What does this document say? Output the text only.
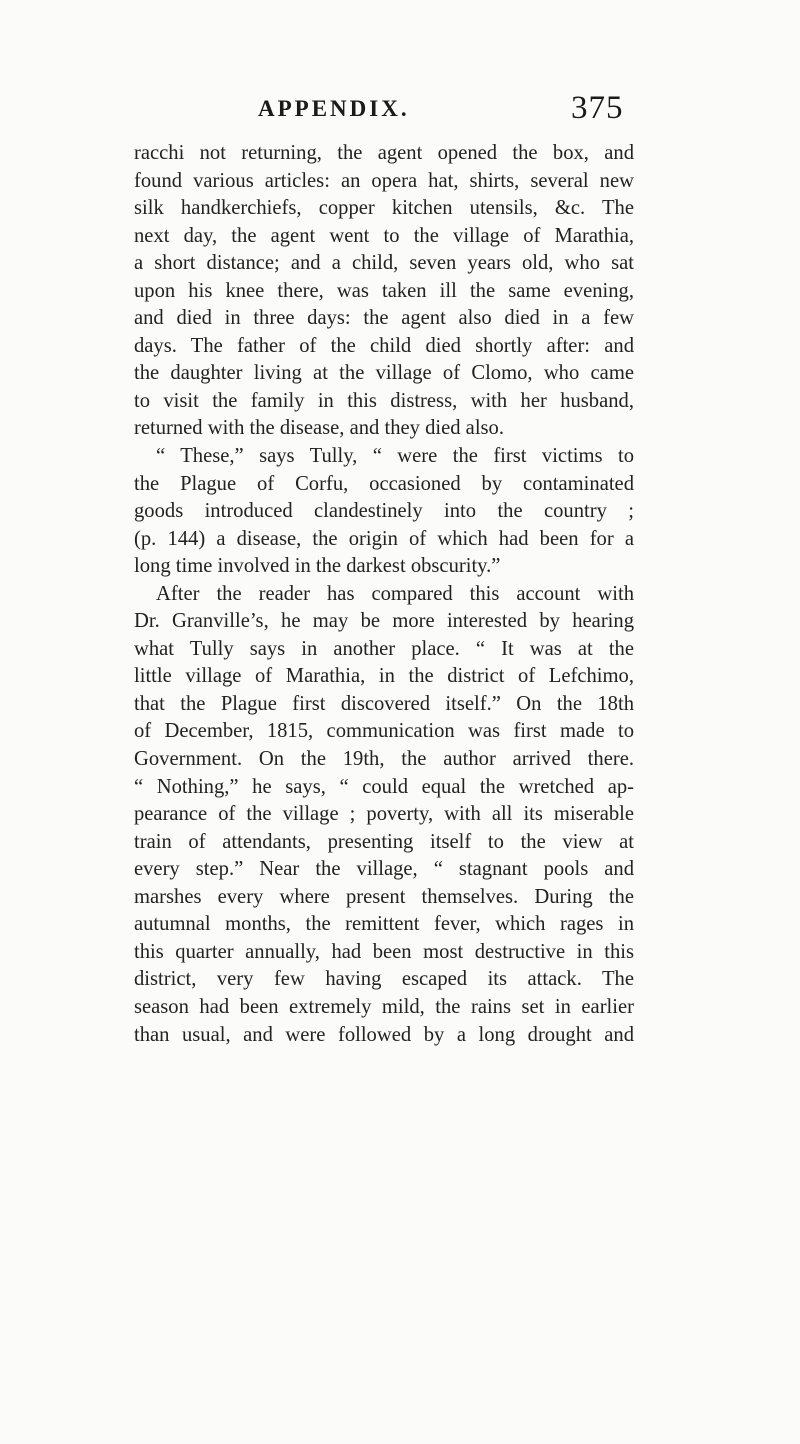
APPENDIX.	375

racchi not returning, the agent opened the box, and

found various articles: an opera hat, shirts, several new

silk handkerchiefs, copper kitchen utensils, &c. The

next day, the agent went to the village of Marathia,

a short distance; and a child, seven years old, who sat

upon his knee there, was taken ill the same evening,

and died in three days: the agent also died in a few

days. The father of the child died shortly after: and

the daughter living at the village of Clomo, who came

to visit the family in this distress, with her husband,

returned with the disease, and they died also.

“ These,” says Tully, “ were the first victims to

the Plague of Corfu, occasioned by contaminated

goods introduced clandestinely into the country ;

(p. 144) a disease, the origin of which had been for a

long time involved in the darkest obscurity.”

After the reader has compared this account with

Dr. Granville’s, he may be more interested by hearing

what Tully says in another place. “ It was at the

little village of Marathia, in the district of Lefchimo,

that the Plague first discovered itself.” On the 18th

of December, 1815, communication was first made to

Government. On the 19th, the author arrived there.

“ Nothing,” he says, “ could equal the wretched ap-

pearance of the village ; poverty, with all its miserable

train of attendants, presenting itself to the view at

every step.” Near the village, “ stagnant pools and

marshes every where present themselves. During the

autumnal months, the remittent fever, which rages in

this quarter annually, had been most destructive in this

district, very few having escaped its attack. The

season had been extremely mild, the rains set in earlier

than usual, and were followed by a long drought and
